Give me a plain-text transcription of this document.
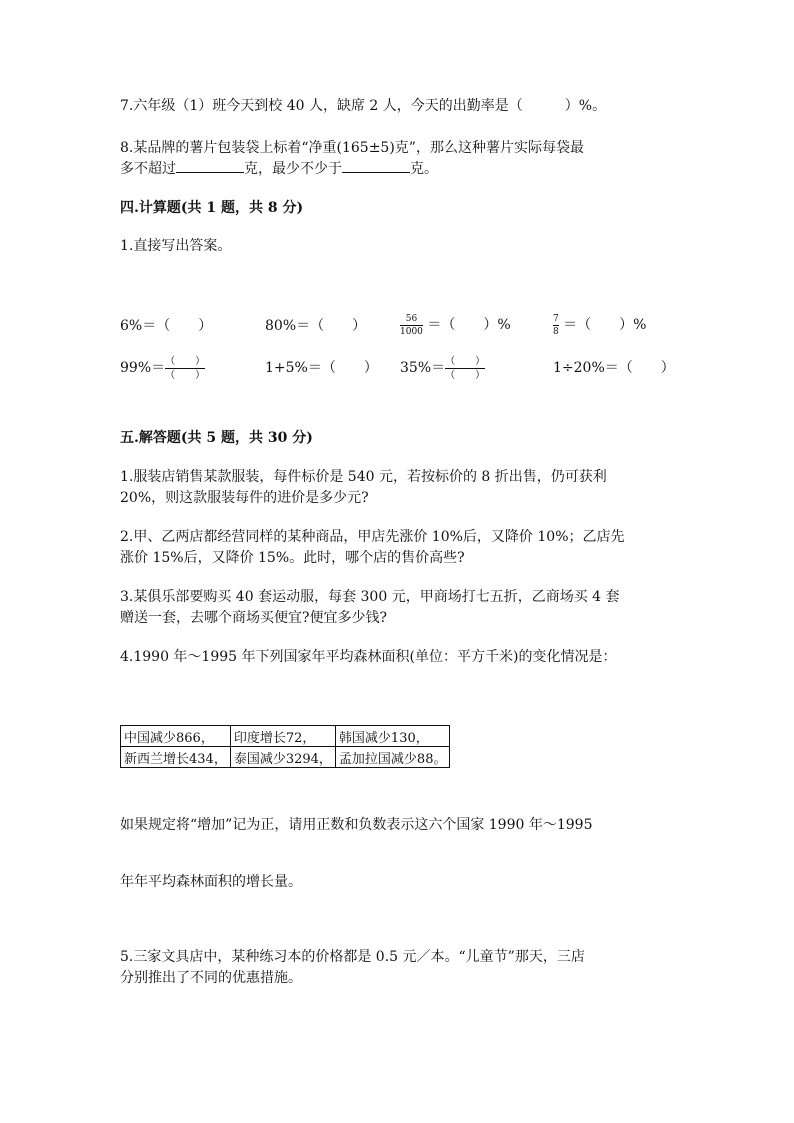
7.六年级（1）班今天到校 40 人，缺席 2 人，今天的出勤率是（	）%。
8.某品牌的薯片包装袋上标着“净重(165±5)克”，那么这种薯片实际每袋最
多不超过	克，最少不少于	克。
四.计算题(共 1 题，共 8 分)
1.直接写出答案。
6%＝（　　）	80%＝（　　）	$\frac{56}{1000}$ ＝（　　）%	$\frac{7}{8}$ ＝（　　）%
$99\%= \frac{( )}{( )}$	1+5%＝（　　） $35\%= \frac{( )}{( )}$	1÷20%＝（　　）
五.解答题(共 5 题，共 30 分)
1.服装店销售某款服装，每件标价是 540 元，若按标价的 8 折出售，仍可获利
20%，则这款服装每件的进价是多少元?
2.甲、乙两店都经营同样的某种商品，甲店先涨价 10%后，又降价 10%；乙店先
涨价 15%后，又降价 15%。此时，哪个店的售价高些?
3.某俱乐部要购买 40 套运动服，每套 300 元，甲商场打七五折，乙商场买 4 套
赠送一套，去哪个商场买便宜?便宜多少钱?
4.1990 年～1995 年下列国家年平均森林面积(单位：平方千米)的变化情况是：
中国减少866，	印度增长72，	韩国减少130，
新西兰增长434，	泰国减少3294，	孟加拉国减少88。
如果规定将“增加”记为正，请用正数和负数表示这六个国家 1990 年～1995
年年平均森林面积的增长量。
5.三家文具店中，某种练习本的价格都是 0.5 元／本。“儿童节”那天，三店
分别推出了不同的优惠措施。
